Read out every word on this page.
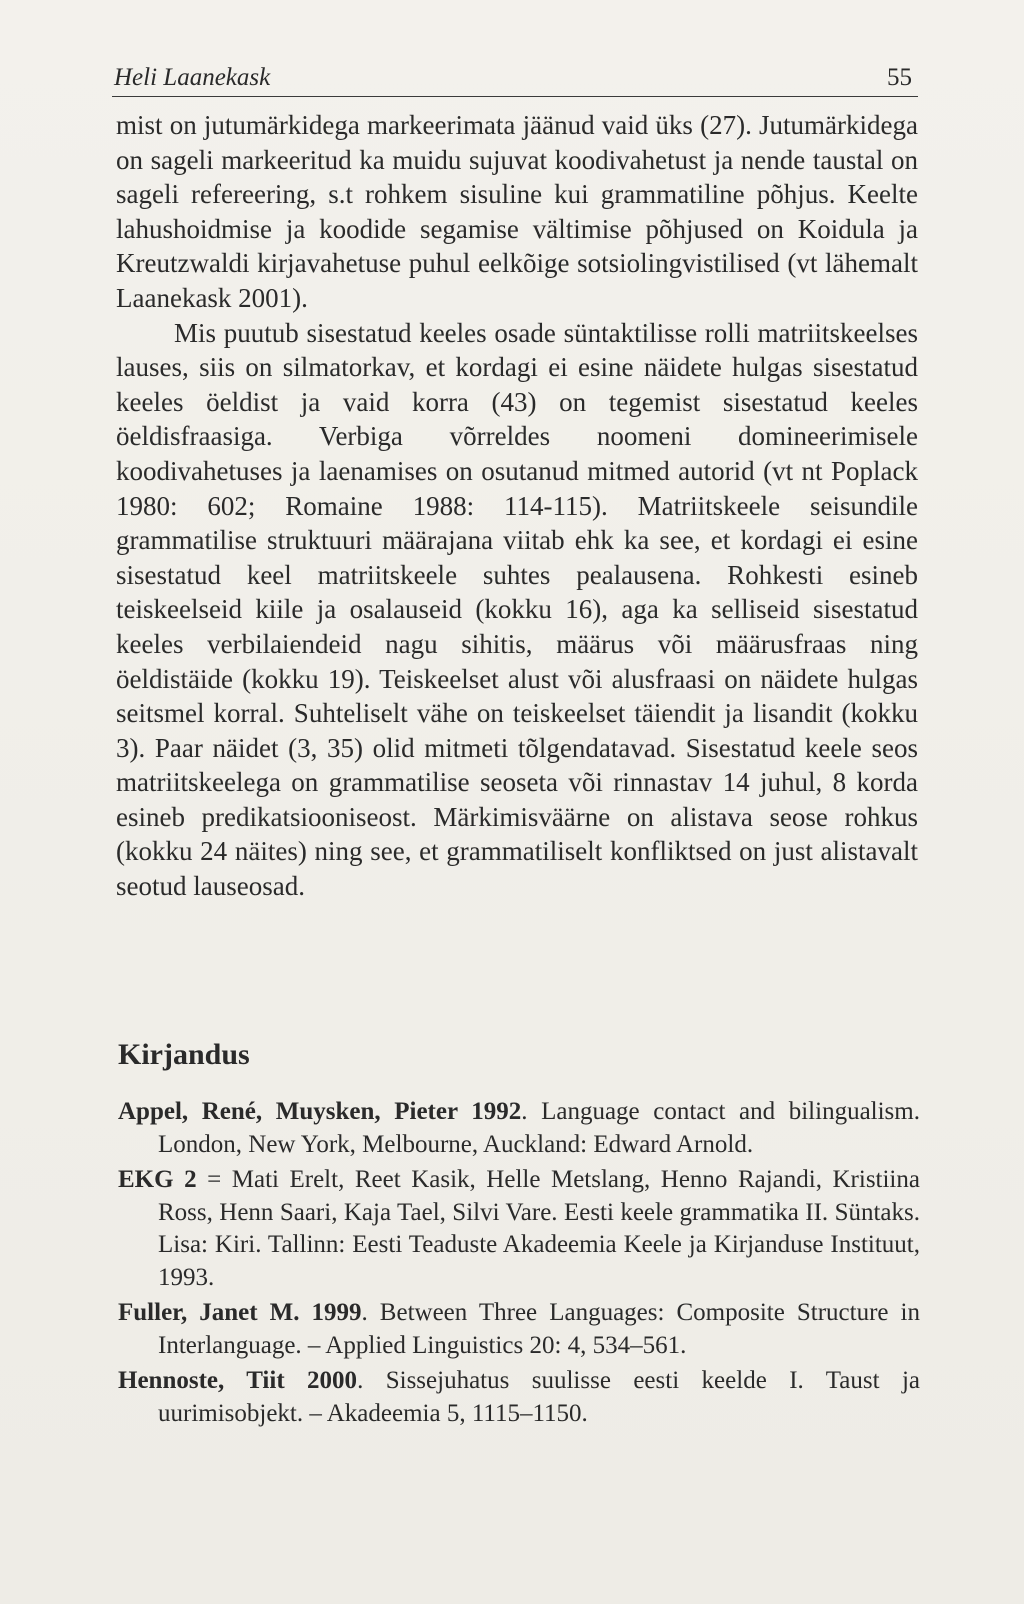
Heli Laanekask	55

mist on jutumärkidega markeerimata jäänud vaid üks (27). Jutumärkidega on sageli markeeritud ka muidu sujuvat koodivahetust ja nende taustal on sageli refereering, s.t rohkem sisuline kui grammatiline põhjus. Keelte lahushoidmise ja koodide segamise vältimise põhjused on Koidula ja Kreutzwaldi kirjavahetuse puhul eelkõige sotsiolingvistilised (vt lähemalt Laanekask 2001).

Mis puutub sisestatud keeles osade süntaktilisse rolli matriitskeelses lauses, siis on silmatorkav, et kordagi ei esine näidete hulgas sisestatud keeles öeldist ja vaid korra (43) on tegemist sisestatud keeles öeldisfraasiga. Verbiga võrreldes noomeni domineerimisele koodivahetuses ja laenamises on osutanud mitmed autorid (vt nt Poplack 1980: 602; Romaine 1988: 114-115). Matriitskeele seisundile grammatilise struktuuri määrajana viitab ehk ka see, et kordagi ei esine sisestatud keel matriitskeele suhtes pealausena. Rohkesti esineb teiskeelseid kiile ja osalauseid (kokku 16), aga ka selliseid sisestatud keeles verbilaiendeid nagu sihitis, määrus või määrusfraas ning öeldistäide (kokku 19). Teiskeelset alust või alusfraasi on näidete hulgas seitsmel korral. Suhteliselt vähe on teiskeelset täiendit ja lisandit (kokku 3). Paar näidet (3, 35) olid mitmeti tõlgendatavad. Sisestatud keele seos matriitskeelega on grammatilise seoseta või rinnastav 14 juhul, 8 korda esineb predikatsiooniseost. Märkimisväärne on alistava seose rohkus (kokku 24 näites) ning see, et grammatiliselt konfliktsed on just alistavalt seotud lauseosad.

Kirjandus

Appel, René, Muysken, Pieter 1992. Language contact and bilingualism. London, New York, Melbourne, Auckland: Edward Arnold.

EKG 2 = Mati Erelt, Reet Kasik, Helle Metslang, Henno Rajandi, Kristiina Ross, Henn Saari, Kaja Tael, Silvi Vare. Eesti keele grammatika II. Süntaks. Lisa: Kiri. Tallinn: Eesti Teaduste Akadeemia Keele ja Kirjanduse Instituut, 1993.

Fuller, Janet M. 1999. Between Three Languages: Composite Structure in Interlanguage. – Applied Linguistics 20: 4, 534–561.

Hennoste, Tiit 2000. Sissejuhatus suulisse eesti keelde I. Taust ja uurimisobjekt. – Akadeemia 5, 1115–1150.
